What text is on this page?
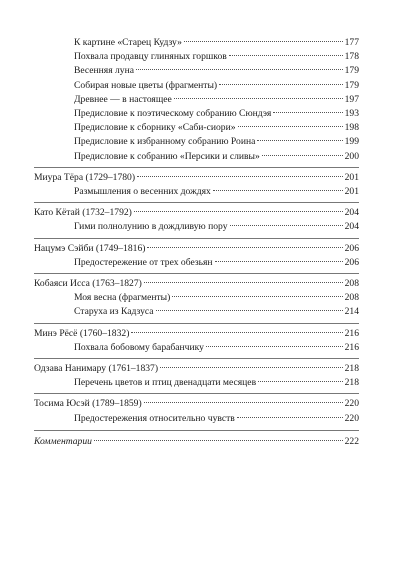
К картине «Старец Кудзу»	177
Похвала продавцу глиняных горшков	178
Весенняя луна	179
Собирая новые цветы (фрагменты)	179
Древнее — в настоящее	197
Предисловие к поэтическому собранию Сюндэя	193
Предисловие к сборнику «Саби-сиори»	198
Предисловие к избранному собранию Роина	199
Предисловие к собранию «Персики и сливы»	200
Миура Тёра (1729–1780)	201
Размышления о весенних дождях	201
Като Кётай (1732–1792)	204
Гими полнолунию в дождливую пору	204
Нацумэ Сэйби (1749–1816)	206
Предостережение от трех обезьян	206
Кобаяси Исса (1763–1827)	208
Моя весна (фрагменты)	208
Старуха из Кадзуса	214
Минэ Рёсё (1760–1832)	216
Похвала бобовому барабанчику	216
Одзава Нанимару (1761–1837)	218
Перечень цветов и птиц двенадцати месяцев	218
Тосима Юсэй (1789–1859)	220
Предостережения относительно чувств	220
Комментарии	222
